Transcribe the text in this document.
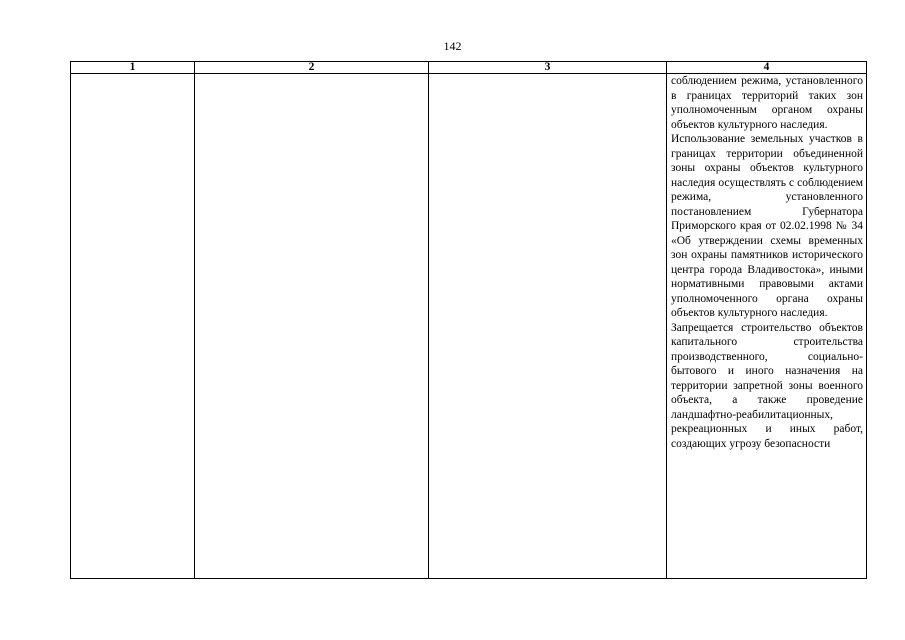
142
1	2	3	4

			соблюдением режима, установленного в границах территорий таких зон уполномоченным органом охраны объектов культурного наследия.
Использование земельных участков в границах территории объединенной зоны охраны объектов культурного наследия осуществлять с соблюдением режима, установленного постановлением Губернатора Приморского края от 02.02.1998 № 34 «Об утверждении схемы временных зон охраны памятников исторического центра города Владивостока», иными нормативными правовыми актами уполномоченного органа охраны объектов культурного наследия.
Запрещается строительство объектов капитального строительства производственного, социально-бытового и иного назначения на территории запретной зоны военного объекта, а также проведение ландшафтно-реабилитационных, рекреационных и иных работ, создающих угрозу безопасности
